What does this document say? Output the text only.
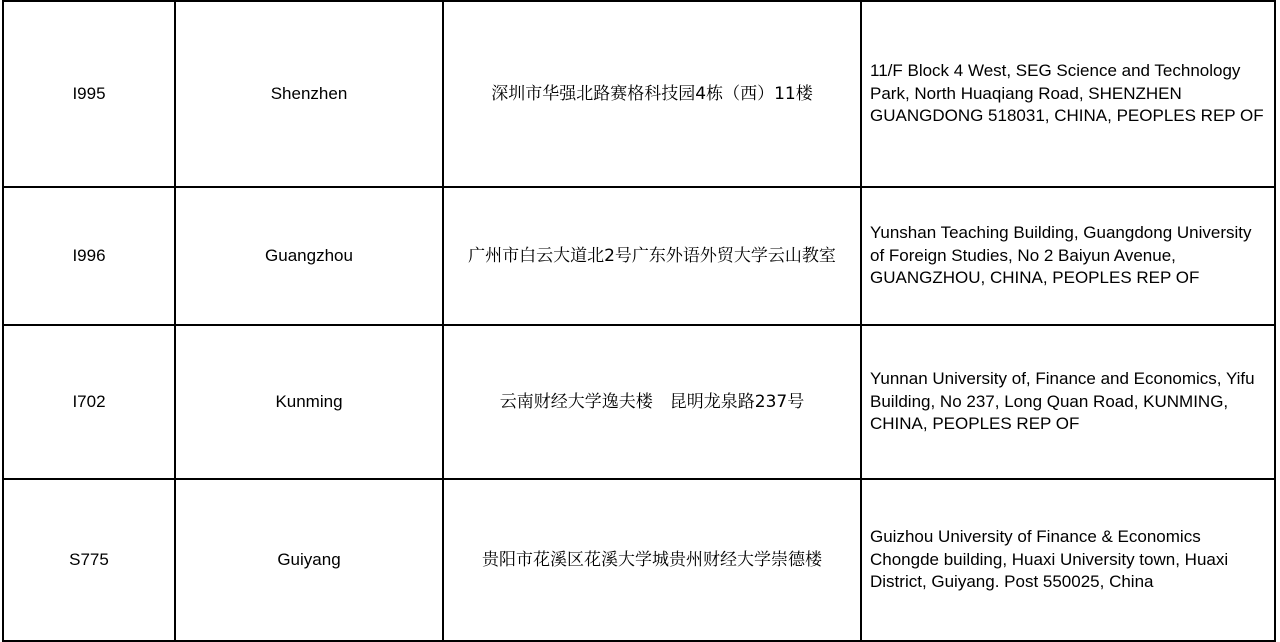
I995	Shenzhen	深圳市华强北路赛格科技园4栋（西）11楼	11/F Block 4 West, SEG Science and Technology Park, North Huaqiang Road, SHENZHEN GUANGDONG 518031, CHINA, PEOPLES REP OF
I996	Guangzhou	广州市白云大道北2号广东外语外贸大学云山教室	Yunshan Teaching Building, Guangdong University of Foreign Studies, No 2 Baiyun Avenue, GUANGZHOU, CHINA, PEOPLES REP OF
I702	Kunming	云南财经大学逸夫楼　昆明龙泉路237号	Yunnan University of, Finance and Economics, Yifu Building, No 237, Long Quan Road, KUNMING, CHINA, PEOPLES REP OF
S775	Guiyang	贵阳市花溪区花溪大学城贵州财经大学崇德楼	Guizhou University of Finance & Economics Chongde building, Huaxi University town, Huaxi District, Guiyang. Post 550025, China
